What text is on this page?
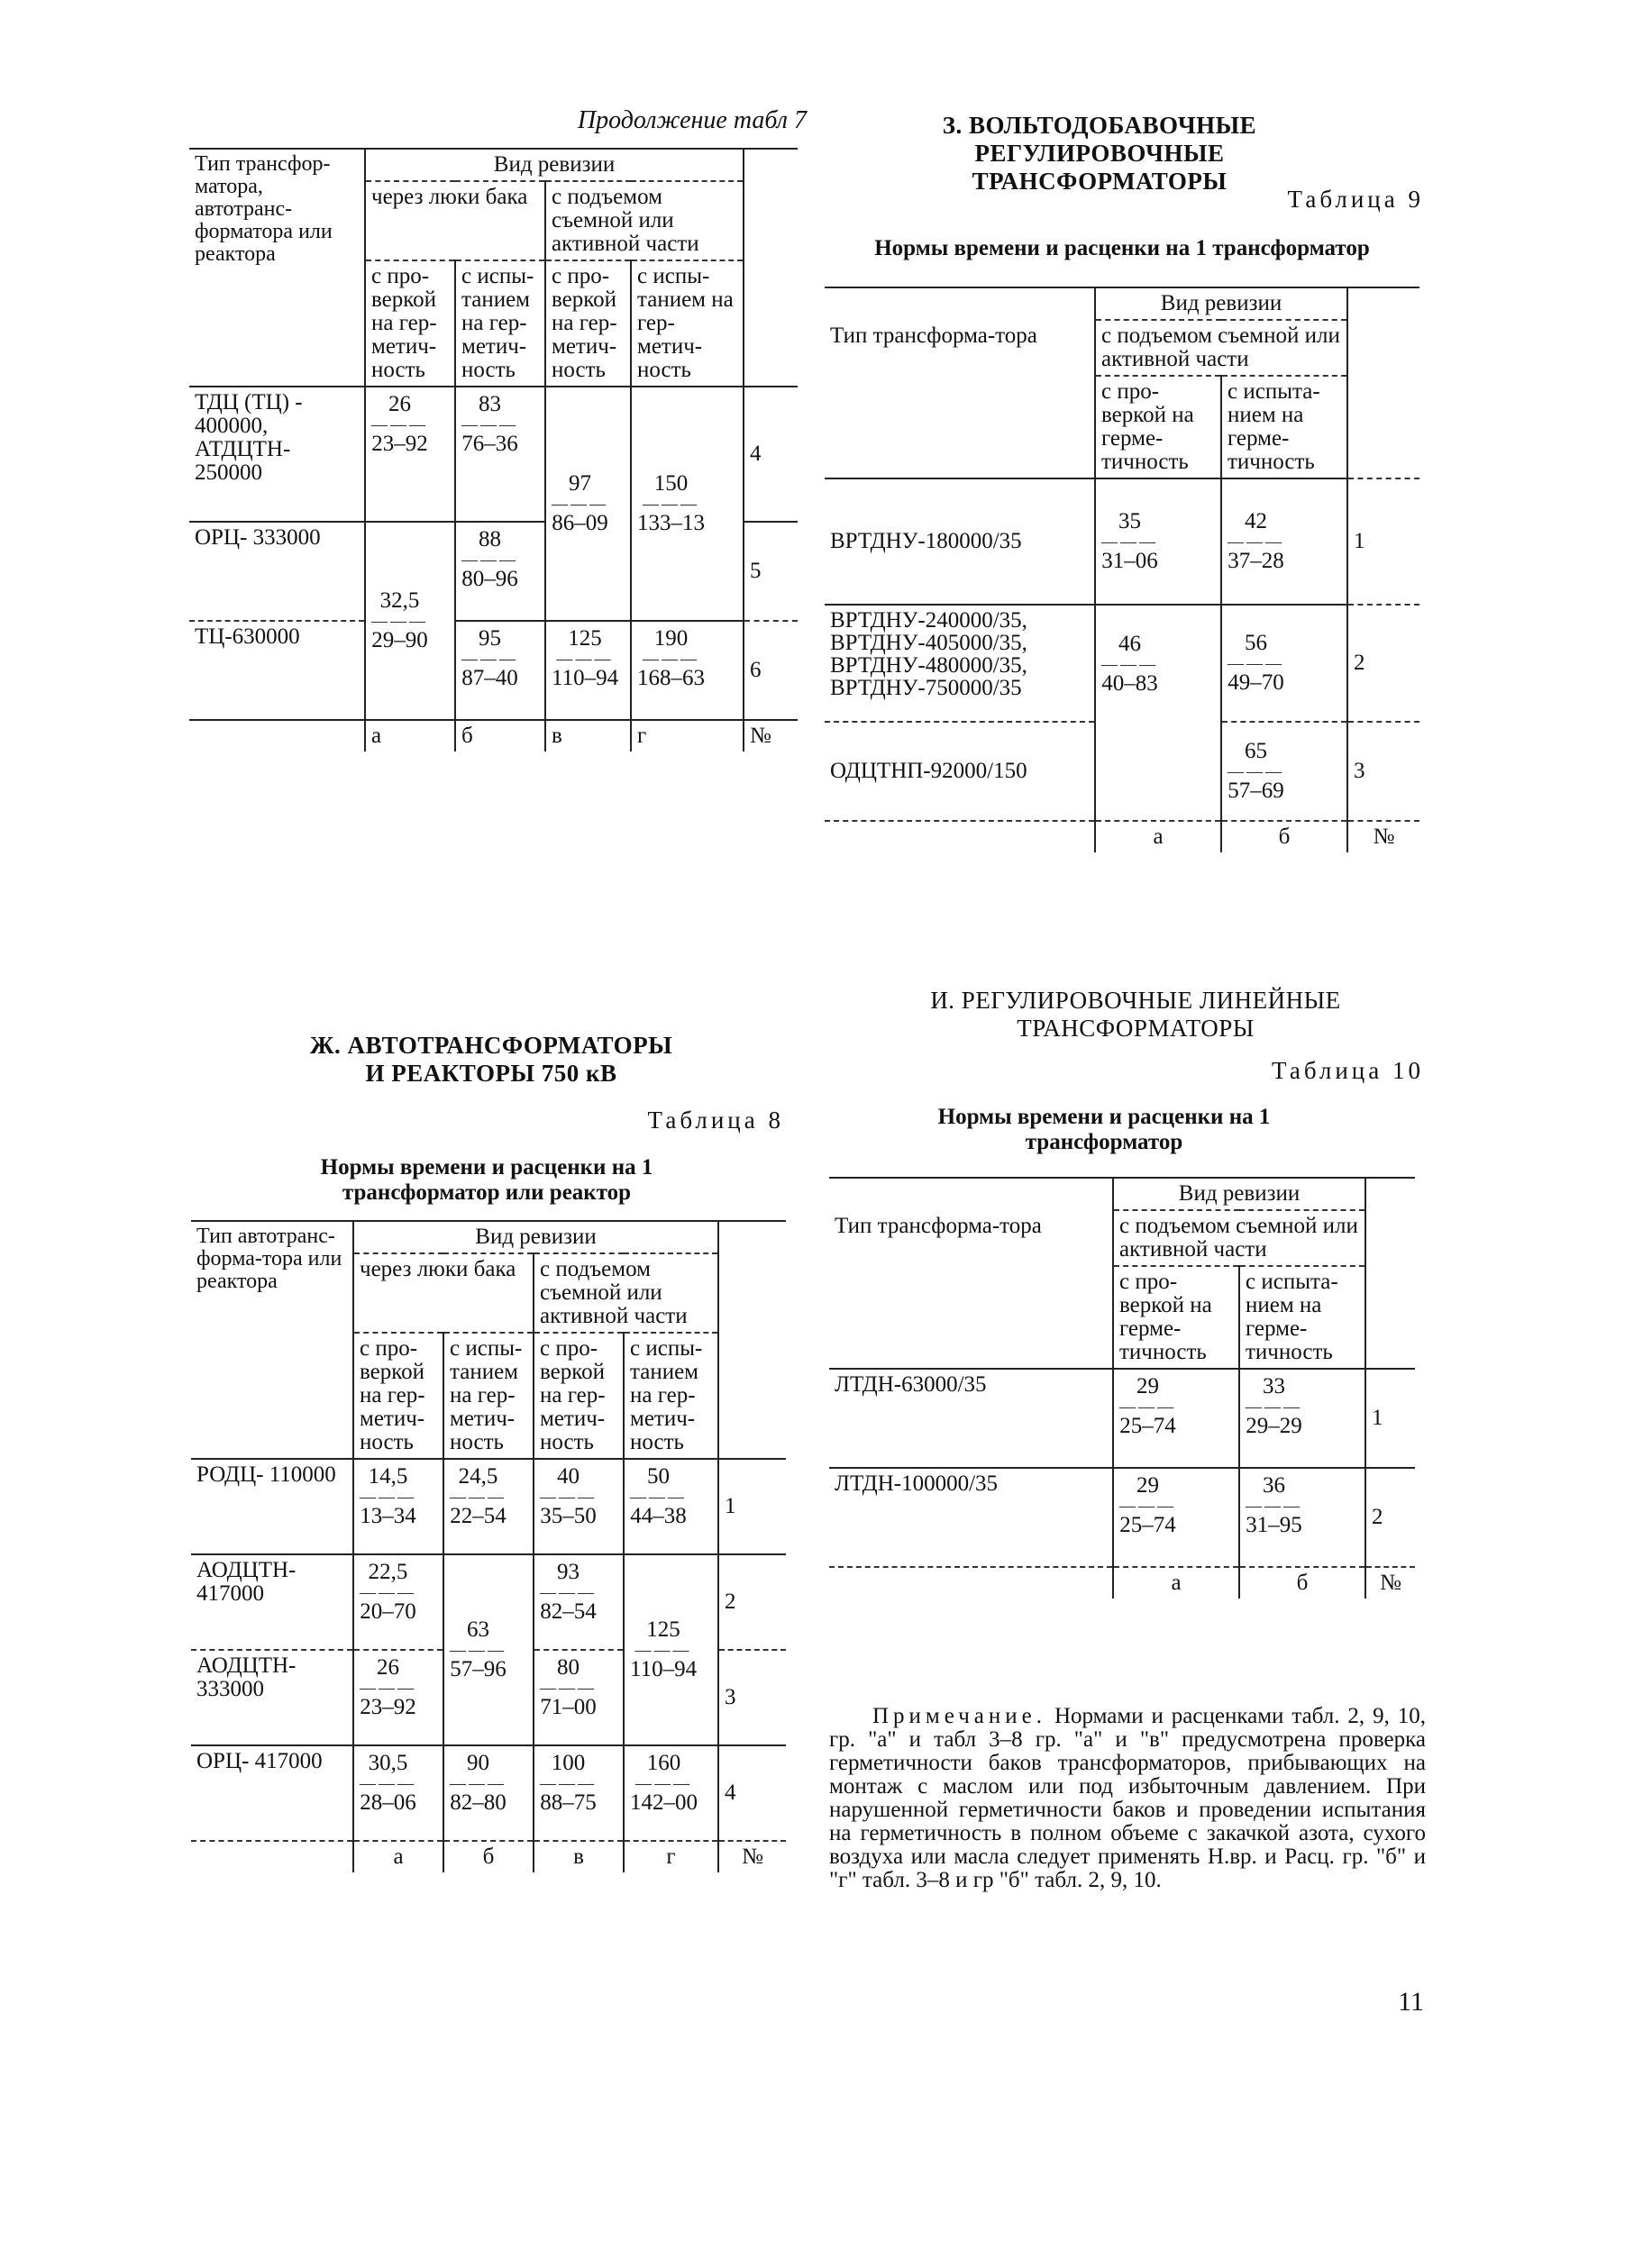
Продолжение табл 7
Тип трансфор-матора, автотранс-форматора или реактора	Вид ревизии				
	через люки бака		с подъемом съемной или активной части		
	с про-веркой на гер-метич-ность	с испы-танием на гер-метич-ность	с про-веркой на гер-метич-ность	с испы-танием на гер-метич-ность	
ТДЦ (ТЦ) - 400000, АТДЦТН- 250000	26
———
23–92	83
———
76–36	97
———
86–09	150
———
133–13	4
ОРЦ- 333000	32,5
———
29–90	88
———
80–96			5
ТЦ-630000		95
———
87–40	125
———
110–94	190
———
168–63	6
	а	б	в	г	№
З. ВОЛЬТОДОБАВОЧНЫЕ РЕГУЛИРОВОЧНЫЕ ТРАНСФОРМАТОРЫ
Таблица 9
Нормы времени и расценки на 1 трансформатор
Тип трансформа-тора	Вид ревизии		
	с подъемом съемной или активной части		
	с про-веркой на герме-тичность	с испыта-нием на герме-тичность	
ВРТДНУ-180000/35	35
———
31–06	42
———
37–28	1
ВРТДНУ-240000/35, ВРТДНУ-405000/35, ВРТДНУ-480000/35, ВРТДНУ-750000/35	46
———
40–83	56
———
49–70	2
ОДЦТНП-92000/150		65
———
57–69	3
	а	б	№
Ж. АВТОТРАНСФОРМАТОРЫ И РЕАКТОРЫ 750 кВ
Таблица 8
Нормы времени и расценки на 1 трансформатор или реактор
Тип автотранс-форма-тора или реактора	Вид ревизии				
	через люки бака		с подъемом съемной или активной части		
	с про-веркой на гер-метич-ность	с испы-танием на гер-метич-ность	с про-веркой на гер-метич-ность	с испы-танием на гер-метич-ность	
РОДЦ- 110000	14,5
———
13–34	24,5
———
22–54	40
———
35–50	50
———
44–38	1
АОДЦТН- 417000	22,5
———
20–70	63
———
57–96	93
———
82–54	125
———
110–94	2
АОДЦТН- 333000	26
———
23–92		80
———
71–00		3
ОРЦ- 417000	30,5
———
28–06	90
———
82–80	100
———
88–75	160
———
142–00	4
	а	б	в	г	№
И. РЕГУЛИРОВОЧНЫЕ ЛИНЕЙНЫЕ ТРАНСФОРМАТОРЫ
Таблица 10
Нормы времени и расценки на 1 трансформатор
Тип трансформа-тора	Вид ревизии		
	с подъемом съемной или активной части		
	с про-веркой на герме-тичность	с испыта-нием на герме-тичность	
ЛТДН-63000/35	29
———
25–74	33
———
29–29	1
ЛТДН-100000/35	29
———
25–74	36
———
31–95	2
	а	б	№
Примечание. Нормами и расценками табл. 2, 9, 10, гр. "а" и табл 3–8 гр. "а" и "в" предусмотрена проверка герметичности баков трансформаторов, прибывающих на монтаж с маслом или под избыточным давлением. При нарушенной герметичности баков и проведении испытания на герметичность в полном объеме с закачкой азота, сухого воздуха или масла следует применять Н.вр. и Расц. гр. "б" и "г" табл. 3–8 и гр "б" табл. 2, 9, 10.
11
